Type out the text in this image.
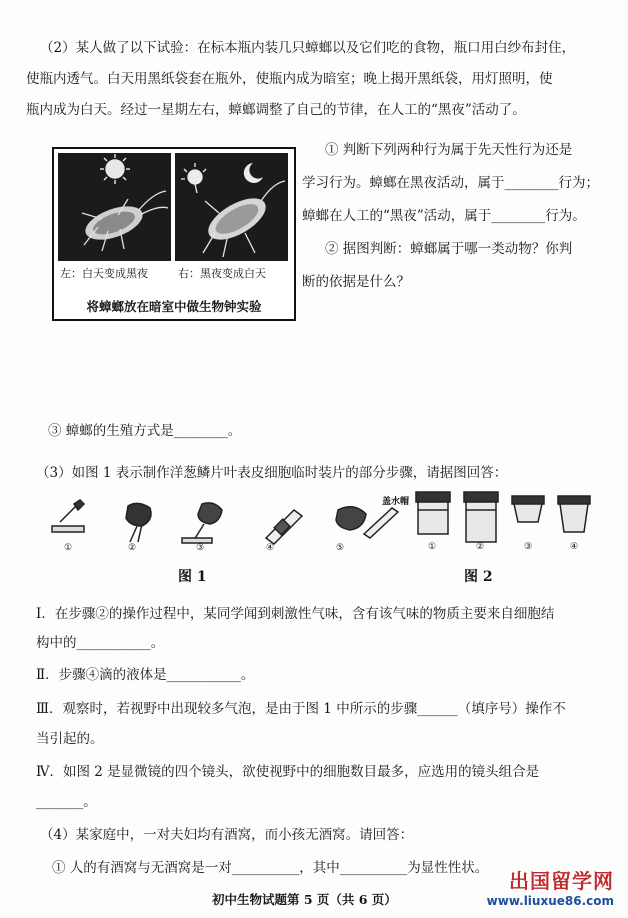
（2）某人做了以下试验：在标本瓶内装几只蟑螂以及它们吃的食物，瓶口用白纱布封住，
使瓶内透气。白天用黑纸袋套在瓶外，使瓶内成为暗室；晚上揭开黑纸袋，用灯照明，使
瓶内成为白天。经过一星期左右，蟑螂调整了自己的节律，在人工的“黑夜”活动了。
左：白天变成黑夜	右：黑夜变成白天
将蟑螂放在暗室中做生物钟实验
① 判断下列两种行为属于先天性行为还是
学习行为。蟑螂在黑夜活动，属于________行为；
蟑螂在人工的“黑夜”活动，属于________行为。
② 据图判断：蟑螂属于哪一类动物？你判
断的依据是什么？
③ 蟑螂的生殖方式是________。
（3）如图 1 表示制作洋葱鳞片叶表皮细胞临时装片的部分步骤，请据图回答：
①	②	③	④	⑤
盖水帽
①	②	③	④
图 1	图 2
Ⅰ．在步骤②的操作过程中，某同学闻到刺激性气味，含有该气味的物质主要来自细胞结
构中的___________。
Ⅱ．步骤④滴的液体是___________。
Ⅲ．观察时，若视野中出现较多气泡，是由于图 1 中所示的步骤______（填序号）操作不
当引起的。
Ⅳ．如图 2 是显微镜的四个镜头，欲使视野中的细胞数目最多，应选用的镜头组合是
_______。
（4）某家庭中，一对夫妇均有酒窝，而小孩无酒窝。请回答：
① 人的有酒窝与无酒窝是一对__________，其中__________为显性性状。
初中生物试题第 5 页（共 6 页）
出国留学网
www.liuxue86.com
